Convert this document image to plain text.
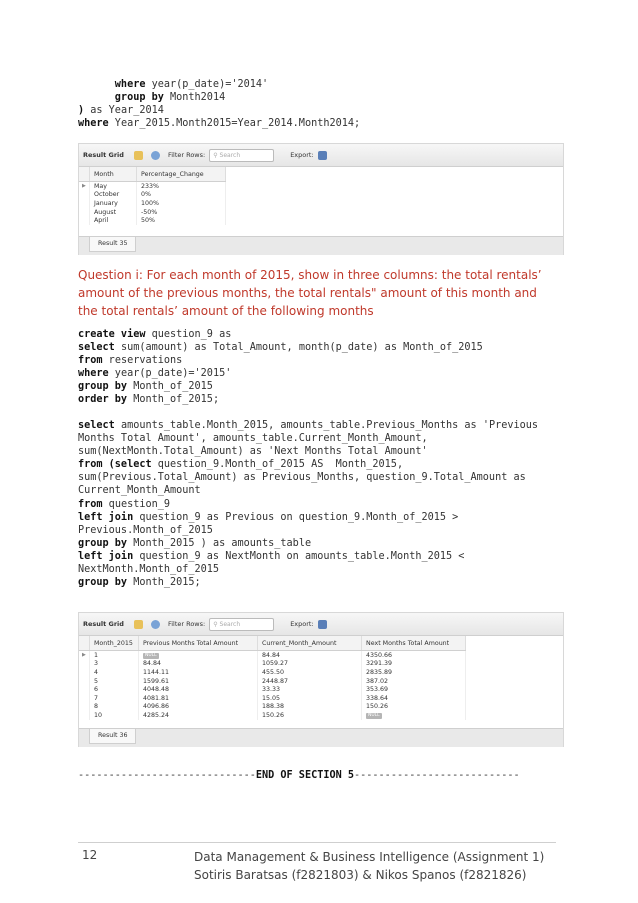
where year(p_date)='2014'
group by Month2014
) as Year_2014
where Year_2015.Month2015=Year_2014.Month2014;
Result Grid	Filter Rows:	⚲ Search	Export:
	Month	Percentage_Change
▶	May	233%
	October	0%
	January	100%
	August	-50%
	April	50%
Result 35
Question i: For each month of 2015, show in three columns: the total rentals’ amount of the previous months, the total rentals" amount of this month and the total rentals’ amount of the following months
create view question_9 as
select sum(amount) as Total_Amount, month(p_date) as Month_of_2015
from reservations
where year(p_date)='2015'
group by Month_of_2015
order by Month_of_2015;
select amounts_table.Month_2015, amounts_table.Previous_Months as 'Previous
Months Total Amount', amounts_table.Current_Month_Amount,
sum(NextMonth.Total_Amount) as 'Next Months Total Amount'
from (select question_9.Month_of_2015 AS  Month_2015,
sum(Previous.Total_Amount) as Previous_Months, question_9.Total_Amount as
Current_Month_Amount
from question_9
left join question_9 as Previous on question_9.Month_of_2015 >
Previous.Month_of_2015
group by Month_2015 ) as amounts_table
left join question_9 as NextMonth on amounts_table.Month_2015 <
NextMonth.Month_of_2015
group by Month_2015;
Result Grid	Filter Rows:	⚲ Search	Export:
	Month_2015	Previous Months Total Amount	Current_Month_Amount	Next Months Total Amount
▶	1	NULL	84.84	4350.66
	3	84.84	1059.27	3291.39
	4	1144.11	455.50	2835.89
	5	1599.61	2448.87	387.02
	6	4048.48	33.33	353.69
	7	4081.81	15.05	338.64
	8	4096.86	188.38	150.26
	10	4285.24	150.26	NULL
Result 36
-----------------------------END OF SECTION 5---------------------------
12	Data Management & Business Intelligence (Assignment 1)
Sotiris Baratsas (f2821803) & Nikos Spanos (f2821826)
